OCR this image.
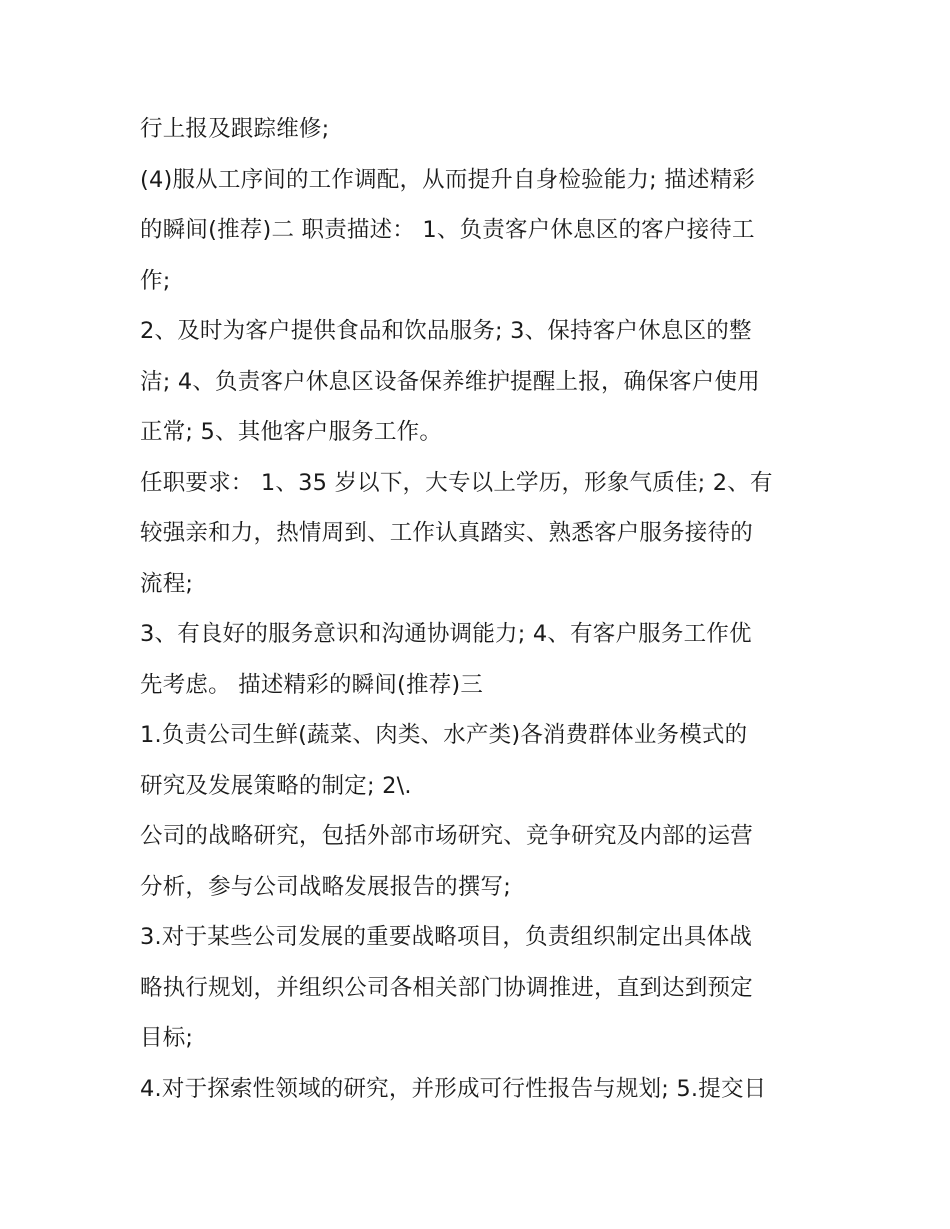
行上报及跟踪维修;
(4)服从工序间的工作调配，从而提升自身检验能力; 描述精彩
的瞬间(推荐)二 职责描述： 1、负责客户休息区的客户接待工
作;
2、及时为客户提供食品和饮品服务; 3、保持客户休息区的整
洁; 4、负责客户休息区设备保养维护提醒上报，确保客户使用
正常; 5、其他客户服务工作。
任职要求： 1、35 岁以下，大专以上学历，形象气质佳; 2、有
较强亲和力，热情周到、工作认真踏实、熟悉客户服务接待的
流程;
3、有良好的服务意识和沟通协调能力; 4、有客户服务工作优
先考虑。 描述精彩的瞬间(推荐)三
1.负责公司生鲜(蔬菜、肉类、水产类)各消费群体业务模式的
研究及发展策略的制定; 2\.
公司的战略研究，包括外部市场研究、竞争研究及内部的运营
分析，参与公司战略发展报告的撰写;
3.对于某些公司发展的重要战略项目，负责组织制定出具体战
略执行规划，并组织公司各相关部门协调推进，直到达到预定
目标;
4.对于探索性领域的研究，并形成可行性报告与规划; 5.提交日
